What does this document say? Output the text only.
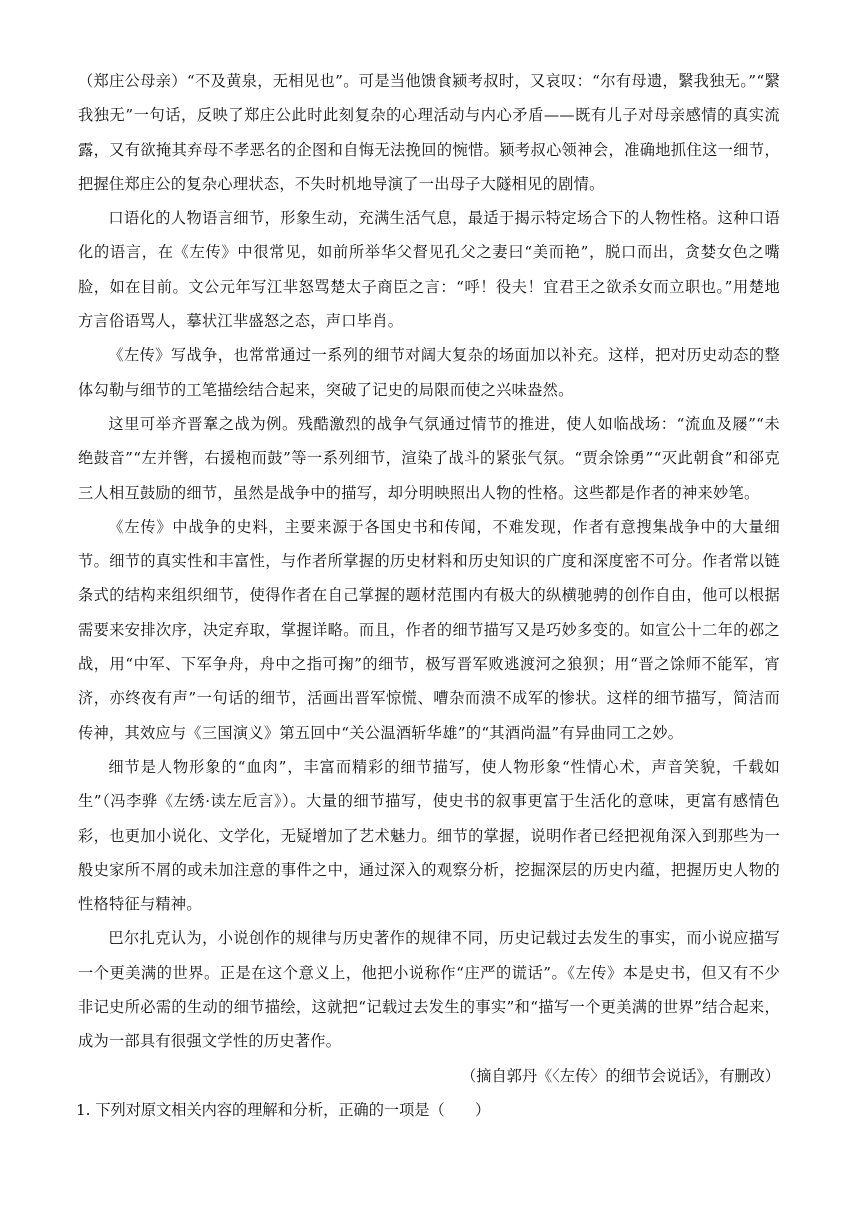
（郑庄公母亲）“不及黄泉，无相见也”。可是当他馈食颍考叔时，又哀叹：“尔有母遗，繄我独无。”“繄我独无”一句话，反映了郑庄公此时此刻复杂的心理活动与内心矛盾——既有儿子对母亲感情的真实流露，又有欲掩其弃母不孝恶名的企图和自悔无法挽回的惋惜。颍考叔心领神会，准确地抓住这一细节，把握住郑庄公的复杂心理状态，不失时机地导演了一出母子大隧相见的剧情。

口语化的人物语言细节，形象生动，充满生活气息，最适于揭示特定场合下的人物性格。这种口语化的语言，在《左传》中很常见，如前所举华父督见孔父之妻曰“美而艳”，脱口而出，贪婪女色之嘴脸，如在目前。文公元年写江芈怒骂楚太子商臣之言：“呼！役夫！宜君王之欲杀女而立职也。”用楚地方言俗语骂人，摹状江芈盛怒之态，声口毕肖。

《左传》写战争，也常常通过一系列的细节对阔大复杂的场面加以补充。这样，把对历史动态的整体勾勒与细节的工笔描绘结合起来，突破了记史的局限而使之兴味盎然。

这里可举齐晋鞌之战为例。残酷激烈的战争气氛通过情节的推进，使人如临战场：“流血及屦”“未绝鼓音”“左并辔，右援枹而鼓”等一系列细节，渲染了战斗的紧张气氛。“贾余馀勇”“灭此朝食”和郤克三人相互鼓励的细节，虽然是战争中的描写，却分明映照出人物的性格。这些都是作者的神来妙笔。

《左传》中战争的史料，主要来源于各国史书和传闻，不难发现，作者有意搜集战争中的大量细节。细节的真实性和丰富性，与作者所掌握的历史材料和历史知识的广度和深度密不可分。作者常以链条式的结构来组织细节，使得作者在自己掌握的题材范围内有极大的纵横驰骋的创作自由，他可以根据需要来安排次序，决定弃取，掌握详略。而且，作者的细节描写又是巧妙多变的。如宣公十二年的邲之战，用“中军、下军争舟，舟中之指可掬”的细节，极写晋军败逃渡河之狼狈；用“晋之馀师不能军，宵济，亦终夜有声”一句话的细节，活画出晋军惊慌、嘈杂而溃不成军的惨状。这样的细节描写，简洁而传神，其效应与《三国演义》第五回中“关公温酒斩华雄”的“其酒尚温”有异曲同工之妙。

细节是人物形象的“血肉”，丰富而精彩的细节描写，使人物形象“性情心术，声音笑貌，千载如生”（冯李骅《左绣·读左卮言》）。大量的细节描写，使史书的叙事更富于生活化的意味，更富有感情色彩，也更加小说化、文学化，无疑增加了艺术魅力。细节的掌握，说明作者已经把视角深入到那些为一般史家所不屑的或未加注意的事件之中，通过深入的观察分析，挖掘深层的历史内蕴，把握历史人物的性格特征与精神。

巴尔扎克认为，小说创作的规律与历史著作的规律不同，历史记载过去发生的事实，而小说应描写一个更美满的世界。正是在这个意义上，他把小说称作“庄严的谎话”。《左传》本是史书，但又有不少非记史所必需的生动的细节描绘，这就把“记载过去发生的事实”和“描写一个更美满的世界”结合起来，成为一部具有很强文学性的历史著作。

（摘自郭丹《〈左传〉的细节会说话》，有删改）

1. 下列对原文相关内容的理解和分析，正确的一项是（　　）
